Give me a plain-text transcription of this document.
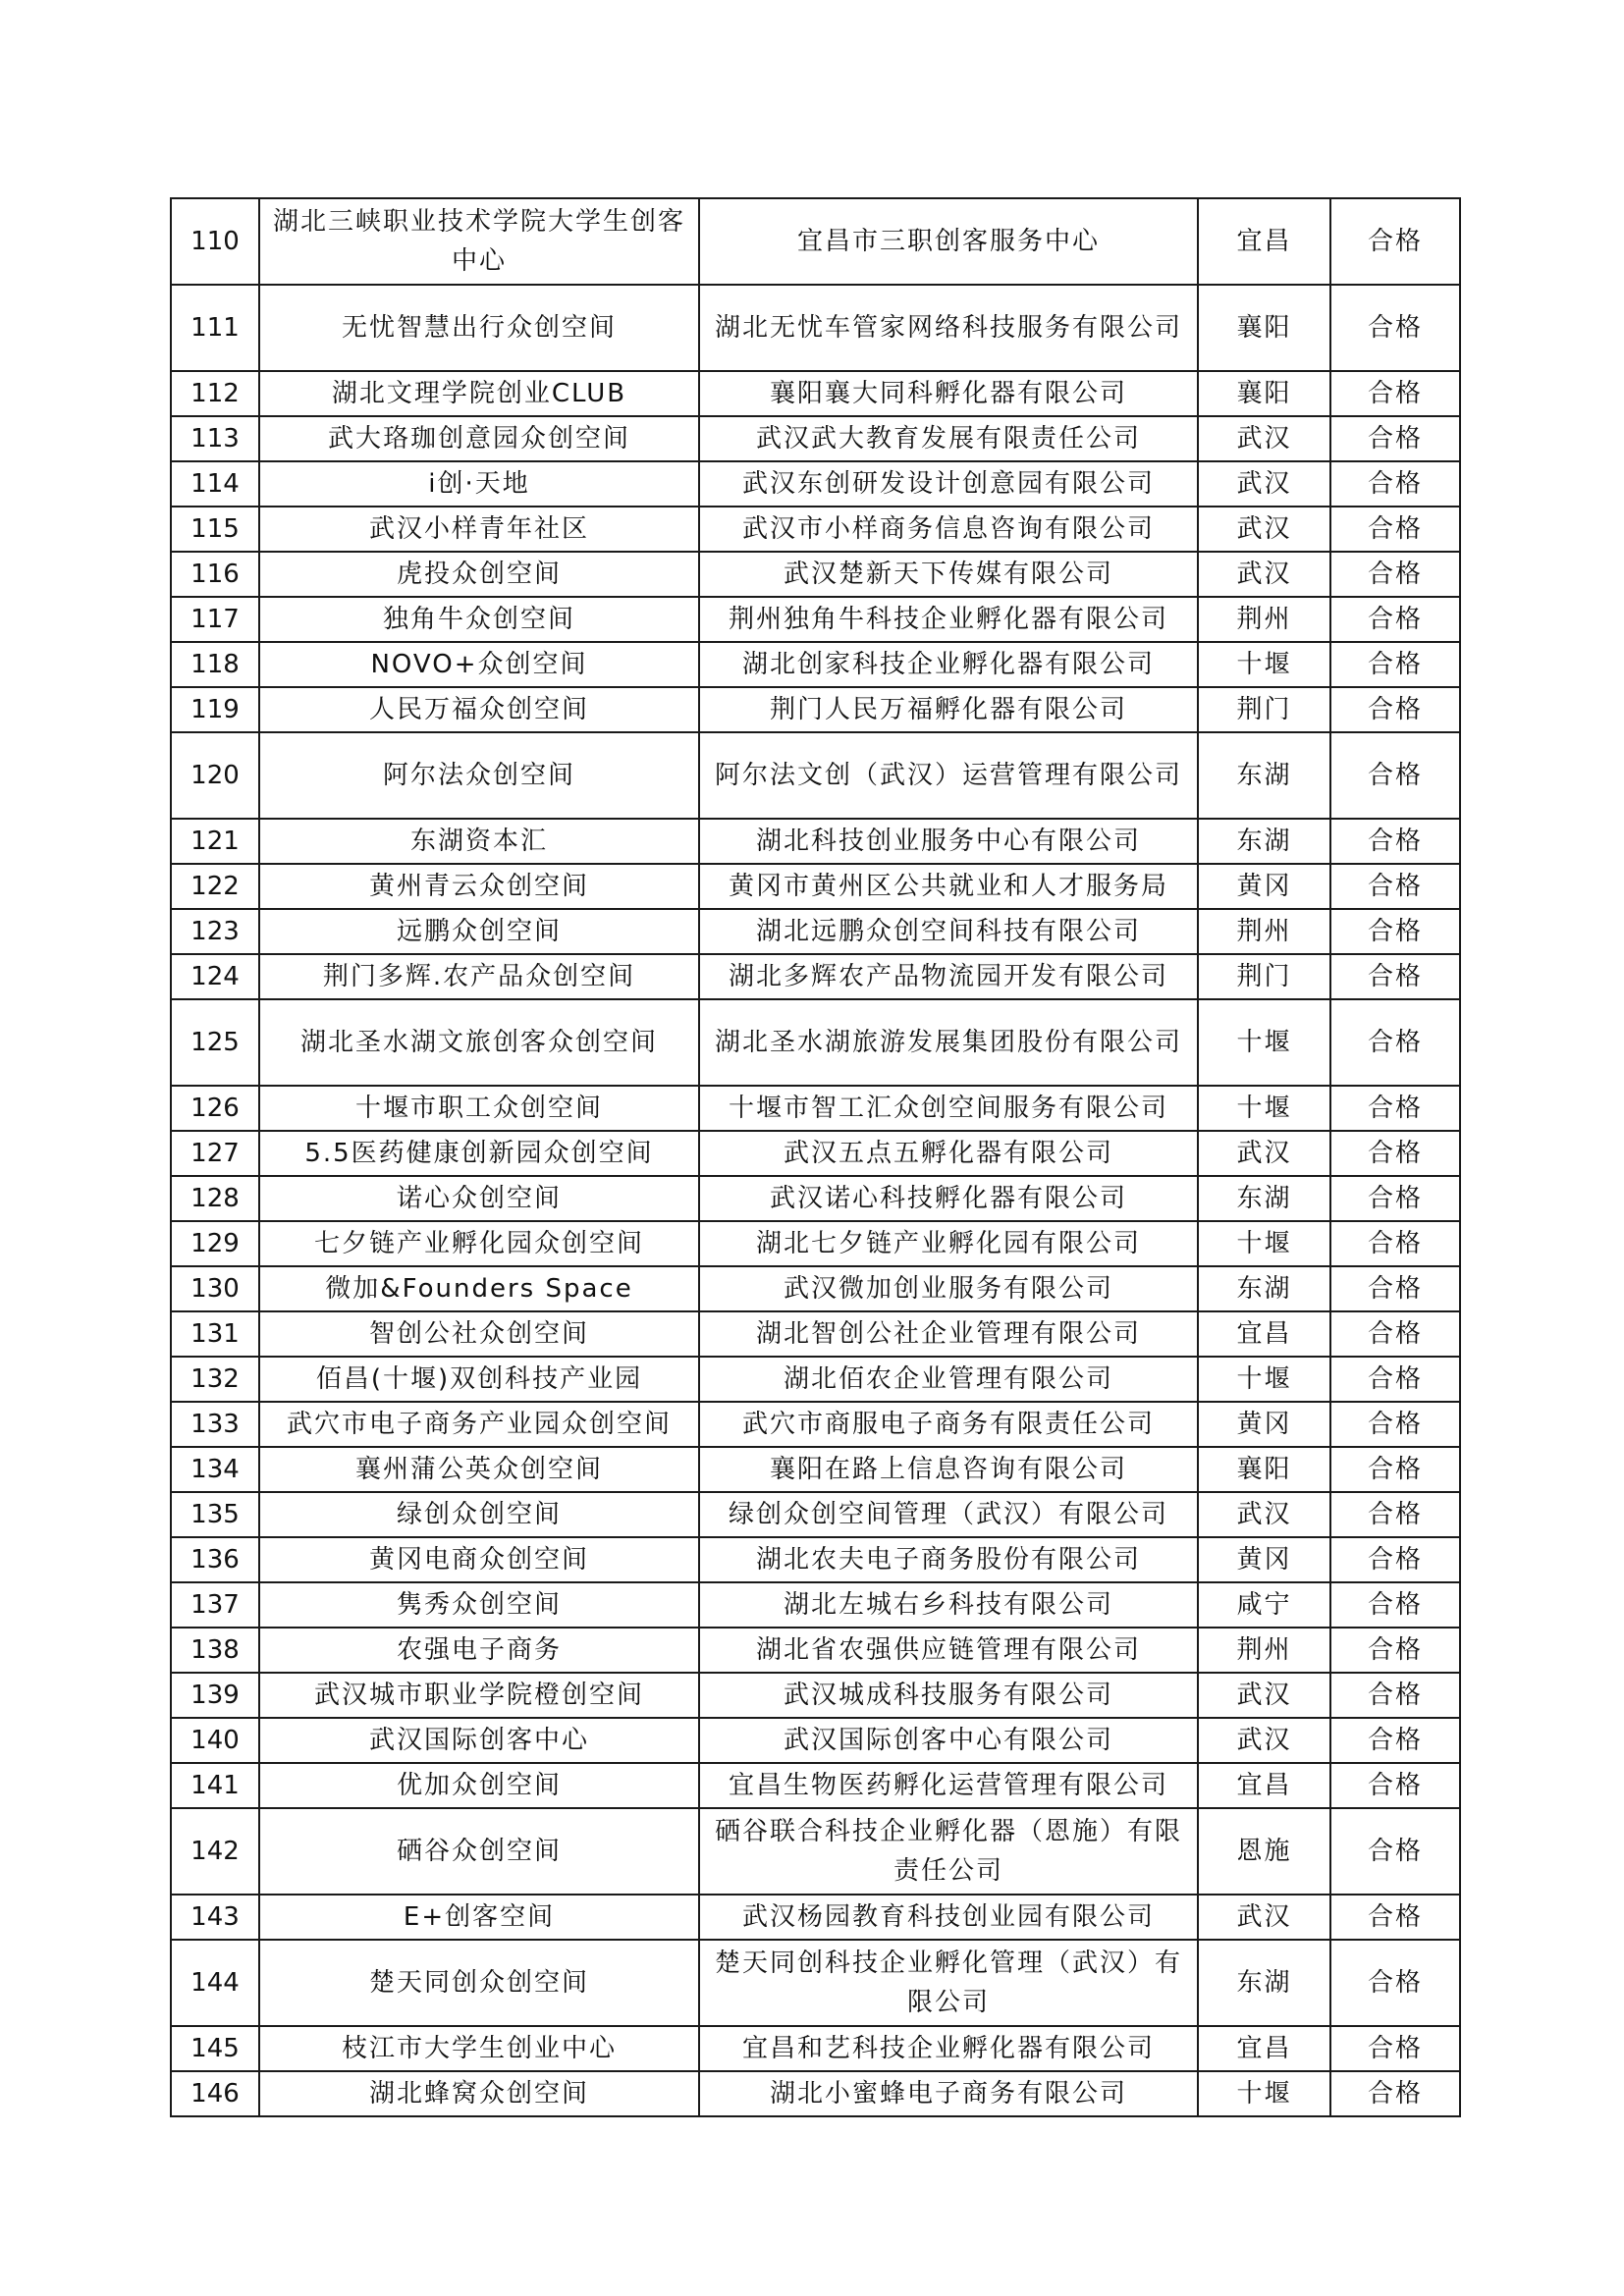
110	湖北三峡职业技术学院大学生创客中心	宜昌市三职创客服务中心	宜昌	合格
111	无忧智慧出行众创空间	湖北无忧车管家网络科技服务有限公司	襄阳	合格
112	湖北文理学院创业CLUB	襄阳襄大同科孵化器有限公司	襄阳	合格
113	武大珞珈创意园众创空间	武汉武大教育发展有限责任公司	武汉	合格
114	i创·天地	武汉东创研发设计创意园有限公司	武汉	合格
115	武汉小样青年社区	武汉市小样商务信息咨询有限公司	武汉	合格
116	虎投众创空间	武汉楚新天下传媒有限公司	武汉	合格
117	独角牛众创空间	荆州独角牛科技企业孵化器有限公司	荆州	合格
118	NOVO+众创空间	湖北创家科技企业孵化器有限公司	十堰	合格
119	人民万福众创空间	荆门人民万福孵化器有限公司	荆门	合格
120	阿尔法众创空间	阿尔法文创（武汉）运营管理有限公司	东湖	合格
121	东湖资本汇	湖北科技创业服务中心有限公司	东湖	合格
122	黄州青云众创空间	黄冈市黄州区公共就业和人才服务局	黄冈	合格
123	远鹏众创空间	湖北远鹏众创空间科技有限公司	荆州	合格
124	荆门多辉.农产品众创空间	湖北多辉农产品物流园开发有限公司	荆门	合格
125	湖北圣水湖文旅创客众创空间	湖北圣水湖旅游发展集团股份有限公司	十堰	合格
126	十堰市职工众创空间	十堰市智工汇众创空间服务有限公司	十堰	合格
127	5.5医药健康创新园众创空间	武汉五点五孵化器有限公司	武汉	合格
128	诺心众创空间	武汉诺心科技孵化器有限公司	东湖	合格
129	七夕链产业孵化园众创空间	湖北七夕链产业孵化园有限公司	十堰	合格
130	微加&Founders Space	武汉微加创业服务有限公司	东湖	合格
131	智创公社众创空间	湖北智创公社企业管理有限公司	宜昌	合格
132	佰昌(十堰)双创科技产业园	湖北佰农企业管理有限公司	十堰	合格
133	武穴市电子商务产业园众创空间	武穴市商服电子商务有限责任公司	黄冈	合格
134	襄州蒲公英众创空间	襄阳在路上信息咨询有限公司	襄阳	合格
135	绿创众创空间	绿创众创空间管理（武汉）有限公司	武汉	合格
136	黄冈电商众创空间	湖北农夫电子商务股份有限公司	黄冈	合格
137	隽秀众创空间	湖北左城右乡科技有限公司	咸宁	合格
138	农强电子商务	湖北省农强供应链管理有限公司	荆州	合格
139	武汉城市职业学院橙创空间	武汉城成科技服务有限公司	武汉	合格
140	武汉国际创客中心	武汉国际创客中心有限公司	武汉	合格
141	优加众创空间	宜昌生物医药孵化运营管理有限公司	宜昌	合格
142	硒谷众创空间	硒谷联合科技企业孵化器（恩施）有限责任公司	恩施	合格
143	E+创客空间	武汉杨园教育科技创业园有限公司	武汉	合格
144	楚天同创众创空间	楚天同创科技企业孵化管理（武汉）有限公司	东湖	合格
145	枝江市大学生创业中心	宜昌和艺科技企业孵化器有限公司	宜昌	合格
146	湖北蜂窝众创空间	湖北小蜜蜂电子商务有限公司	十堰	合格
